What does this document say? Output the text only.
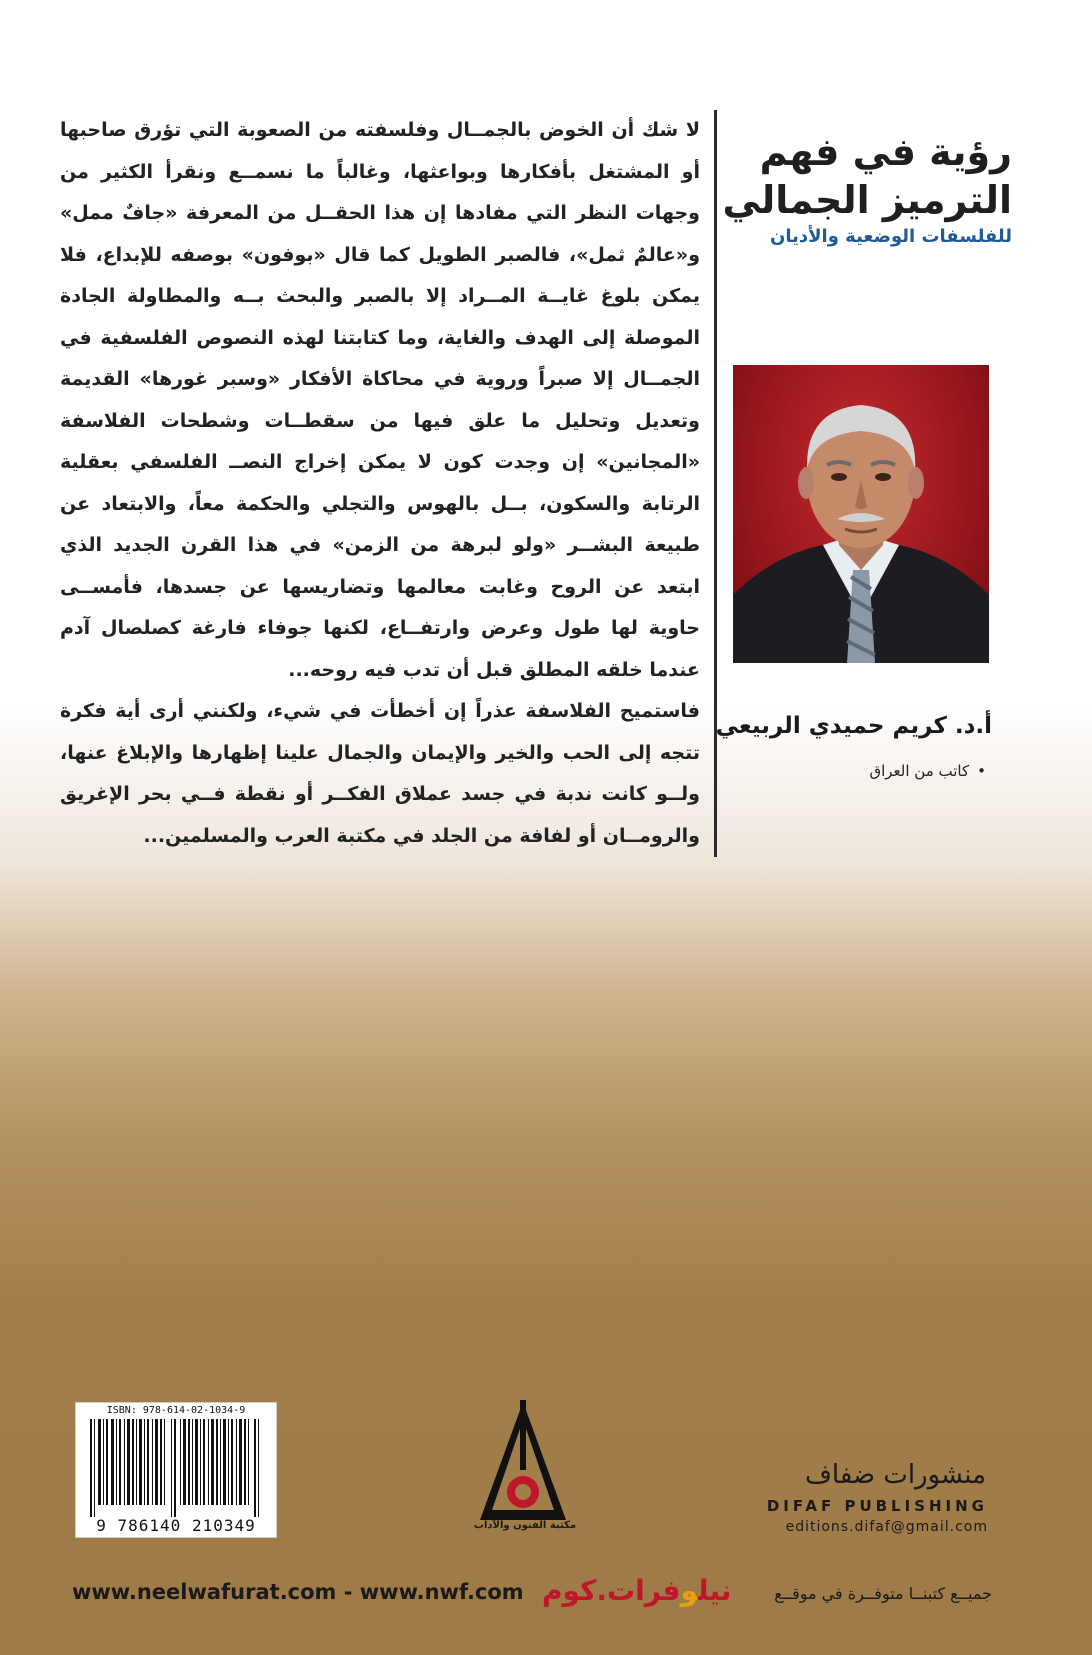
رؤية في فهم
الترميز الجمالي
للفلسفات الوضعية والأديان

لا شك أن الخوض بالجمــال وفلسفته من الصعوبة التي تؤرق صاحبها أو المشتغل بأفكارها وبواعثها، وغالباً ما نسمــع ونقرأ الكثير من وجهات النظر التي مفادها إن هذا الحقــل من المعرفة «جافٌ ممل» و«عالمٌ ثمل»، فالصبر الطويل كما قال «بوفون» بوصفه للإبداع، فلا يمكن بلوغ غايــة المــراد إلا بالصبر والبحث بــه والمطاولة الجادة الموصلة إلى الهدف والغاية، وما كتابتنا لهذه النصوص الفلسفية في الجمــال إلا صبراً وروية في محاكاة الأفكار «وسبر غورها» القديمة وتعديل وتحليل ما علق فيها من سقطــات وشطحات الفلاسفة «المجانين» إن وجدت كون لا يمكن إخراج النصــ الفلسفي بعقلية الرتابة والسكون، بــل بالهوس والتجلي والحكمة معاً، والابتعاد عن طبيعة البشــر «ولو لبرهة من الزمن» في هذا القرن الجديد الذي ابتعد عن الروح وغابت معالمها وتضاريسها عن جسدها، فأمســى حاوية لها طول وعرض وارتفــاع، لكنها جوفاء فارغة كصلصال آدم عندما خلقه المطلق قبل أن تدب فيه روحه...

فاستميح الفلاسفة عذراً إن أخطأت في شيء، ولكنني أرى أية فكرة تتجه إلى الحب والخير والإيمان والجمال علينا إظهارها والإبلاغ عنها، ولــو كانت ندبة في جسد عملاق الفكــر أو نقطة فــي بحر الإغريق والرومــان أو لفافة من الجلد في مكتبة العرب والمسلمين...

أ.د. كريم حميدي الربيعي
•كاتب من العراق
ISBN: 978-614-02-1034-9
9 786140 210349	مكتبة الفنون والآداب
منشورات ضفاف
DIFAF PUBLISHING
editions.difaf@gmail.com
www.neelwafurat.com - www.nwf.com	نيلوفرات.كوم	جميــع كتبنــا متوفــرة في موقــع
